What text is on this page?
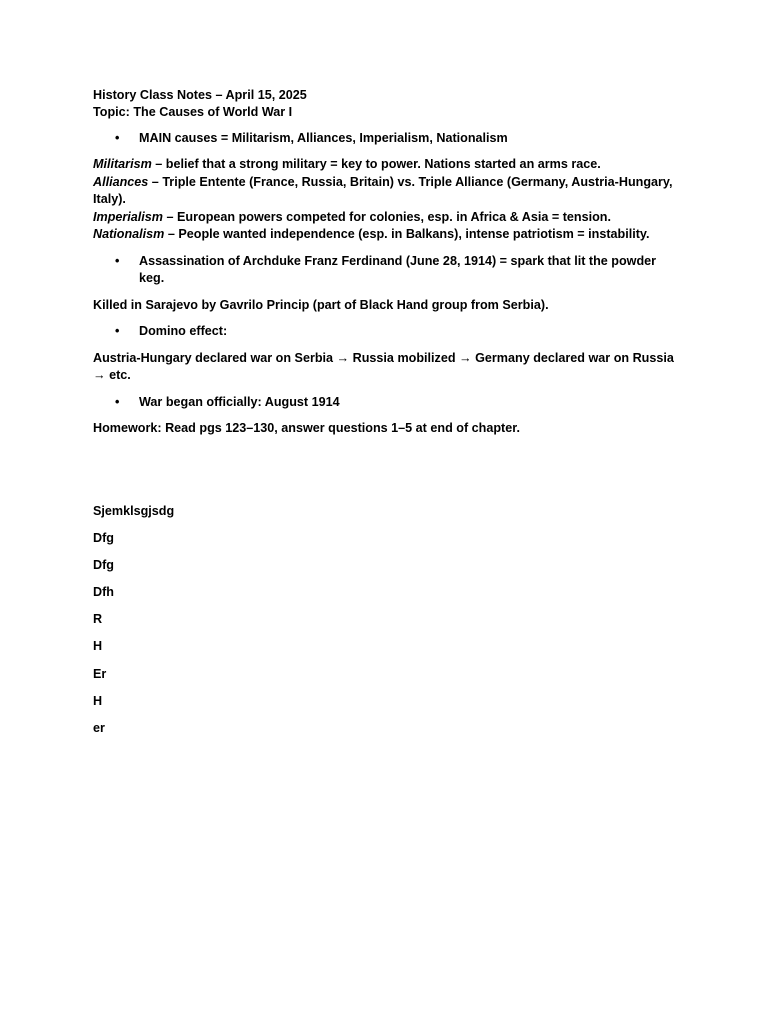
History Class Notes – April 15, 2025

Topic: The Causes of World War I

• MAIN causes = Militarism, Alliances, Imperialism, Nationalism

Militarism – belief that a strong military = key to power. Nations started an arms race.

Alliances – Triple Entente (France, Russia, Britain) vs. Triple Alliance (Germany, Austria-Hungary, Italy).

Imperialism – European powers competed for colonies, esp. in Africa & Asia = tension.

Nationalism – People wanted independence (esp. in Balkans), intense patriotism = instability.

• Assassination of Archduke Franz Ferdinand (June 28, 1914) = spark that lit the powder keg.

Killed in Sarajevo by Gavrilo Princip (part of Black Hand group from Serbia).

• Domino effect:

Austria-Hungary declared war on Serbia → Russia mobilized → Germany declared war on Russia → etc.

• War began officially: August 1914

Homework: Read pgs 123–130, answer questions 1–5 at end of chapter.

Sjemklsgjsdg

Dfg

Dfg

Dfh

R

H

Er

H

er
